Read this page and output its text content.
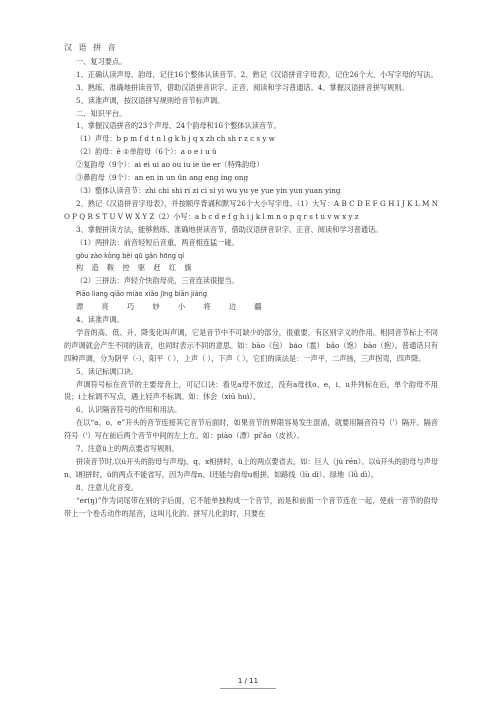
汉 语 拼 音
一、复习要点。
1、正确认读声母、韵母，记住16个整体认读音节。2、熟记《汉语拼音字母表》，记住26个大、小写字母的写法。
3、熟练、准确地拼读音节，借助汉语拼音识字、正音、阅读和学习普通话。4、掌握汉语拼音拼写规则。
5、读准声调，按汉语拼写规则给音节标声调。
二、知识平台。
1、掌握汉语拼音的23个声母、24个韵母和16个整体认读音节。
（1）声母：b p m f d t n l g k h j q x zh ch sh r z c s y w
（2）韵母：ê ①单韵母（6个）：a o e i u ü
②复韵母（9个）：ai ei ui ao ou iu ie üe er（特殊韵母）
③鼻韵母（9个）：an en in un ün ang eng ing ong
（3）整体认读音节：zhi chi shi ri zi ci si yi wu yu ye yue yin yun yuan ying
2、熟记《汉语拼音字母表》，并按顺序背诵和默写26个大小写字母。（1）大写：A B C D E F G H I J K L M N O P Q R S T U V W X Y Z（2）小写：a b c d e f g h i j k l m n o p q r s t u v w x y z
3、掌握拼读方法，能够熟练、准确地拼读音节，借助汉语拼音识字、正音、阅读和学习普通话。
（1）两拼法：前音轻短后音重，两音相连猛一碰。
gòu zào kòng bèi qū gǎn hōng qí
构 造 鞍 控 驱 赶 红 旗
（2）三拼法：声轻介快韵母亮，三音连读很提当。
Piāo liang qiǎo miào xiǎo jīng biān jiàng
漂 亮 巧 妙 小 将 边 疆
4、读准声调。
学音的高、低、升、降变化叫声调，它是音节中不可缺少的部分，很重要，有区别字义的作用。相同音节标上不同的声调就会产生不同的读音，也同时表示不同的意思。如：bāo（包） báo（雹） bǎo（饱） bào（抱）。普通话只有四种声调，分为阴平（-），阳平（ ），上声（ ），下声（ ），它们的读法是：一声平，二声扬，三声拐弯，四声降。
5、读记标调口诀。
声调符号标在音节的主要母音上，可记口诀：看见a母不放过，没有a母找o、e，i、u并列标在后，单个韵母不用说；i上标调不写点，遇上轻声不标调。如：休会（xiū huì）。
6、认识隔音符号的作用和用法。
在以“a、o、e”开头的音节连接其它音节后面时，如果音节的界限容易发生混淆，就要用隔音符号（'）隔开。隔音符号（'）写在前后两个音节中间的左上方。如：piào（漂）pí'ǎo（皮袄）。
7、注意ü上的两点要省写规则。
拼读音节时,以ü开头的韵母与声母j、q、x相拼时，ü上的两点要省去，如：巨人（jù rén）。以ü开头的韵母与声母n、l相拼时，ü的两点不能省写，因为声母n、l还能与韵母u相拼。如路线（lù dì）、绿地（lǜ dì）。
8、注意儿化音变。
“er(ŋ)”作为词尾带在别的字后面，它不能单独构成一个音节，而是和前面一个音节连在一起，使前一音节的韵母带上一个卷舌动作的尾音，这叫儿化韵。拼写儿化韵时，只要在
1 / 11
